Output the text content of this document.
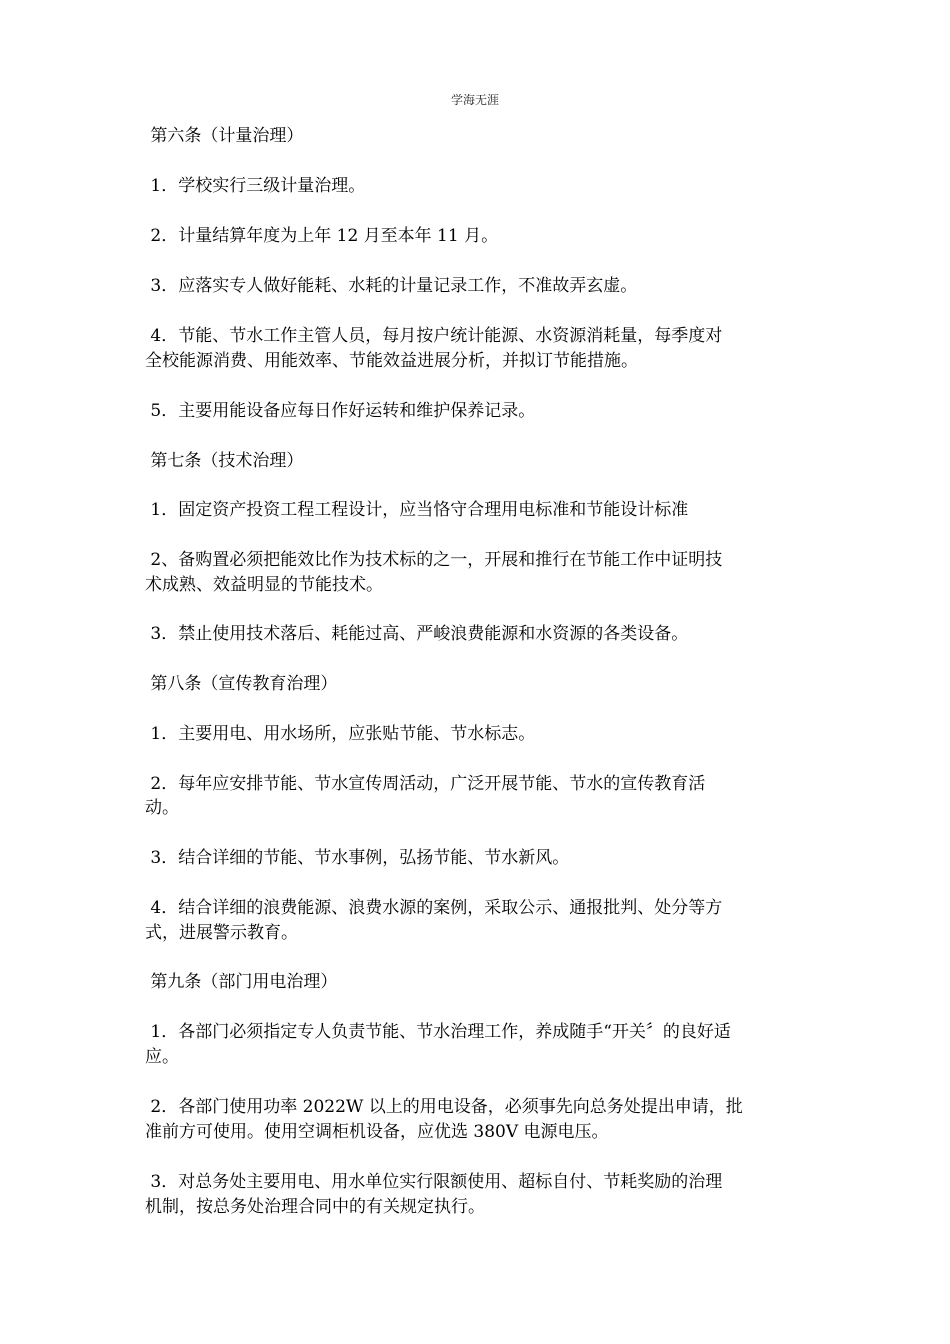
学海无涯

第六条（计量治理）

1．学校实行三级计量治理。

2．计量结算年度为上年 12 月至本年 11 月。

3．应落实专人做好能耗、水耗的计量记录工作，不准故弄玄虚。

4．节能、节水工作主管人员，每月按户统计能源、水资源消耗量，每季度对

全校能源消费、用能效率、节能效益进展分析，并拟订节能措施。

5．主要用能设备应每日作好运转和维护保养记录。

第七条（技术治理）

1．固定资产投资工程工程设计，应当恪守合理用电标准和节能设计标准

2、备购置必须把能效比作为技术标的之一，开展和推行在节能工作中证明技

术成熟、效益明显的节能技术。

3．禁止使用技术落后、耗能过高、严峻浪费能源和水资源的各类设备。

第八条（宣传教育治理）

1．主要用电、用水场所，应张贴节能、节水标志。

2．每年应安排节能、节水宣传周活动，广泛开展节能、节水的宣传教育活

动。

3．结合详细的节能、节水事例，弘扬节能、节水新风。

4．结合详细的浪费能源、浪费水源的案例，采取公示、通报批判、处分等方

式，进展警示教育。

第九条（部门用电治理）

1．各部门必须指定专人负责节能、节水治理工作，养成随手“开关〞的良好适

应。

2．各部门使用功率 2022W 以上的用电设备，必须事先向总务处提出申请，批

准前方可使用。使用空调柜机设备，应优选 380V 电源电压。

3．对总务处主要用电、用水单位实行限额使用、超标自付、节耗奖励的治理

机制，按总务处治理合同中的有关规定执行。
